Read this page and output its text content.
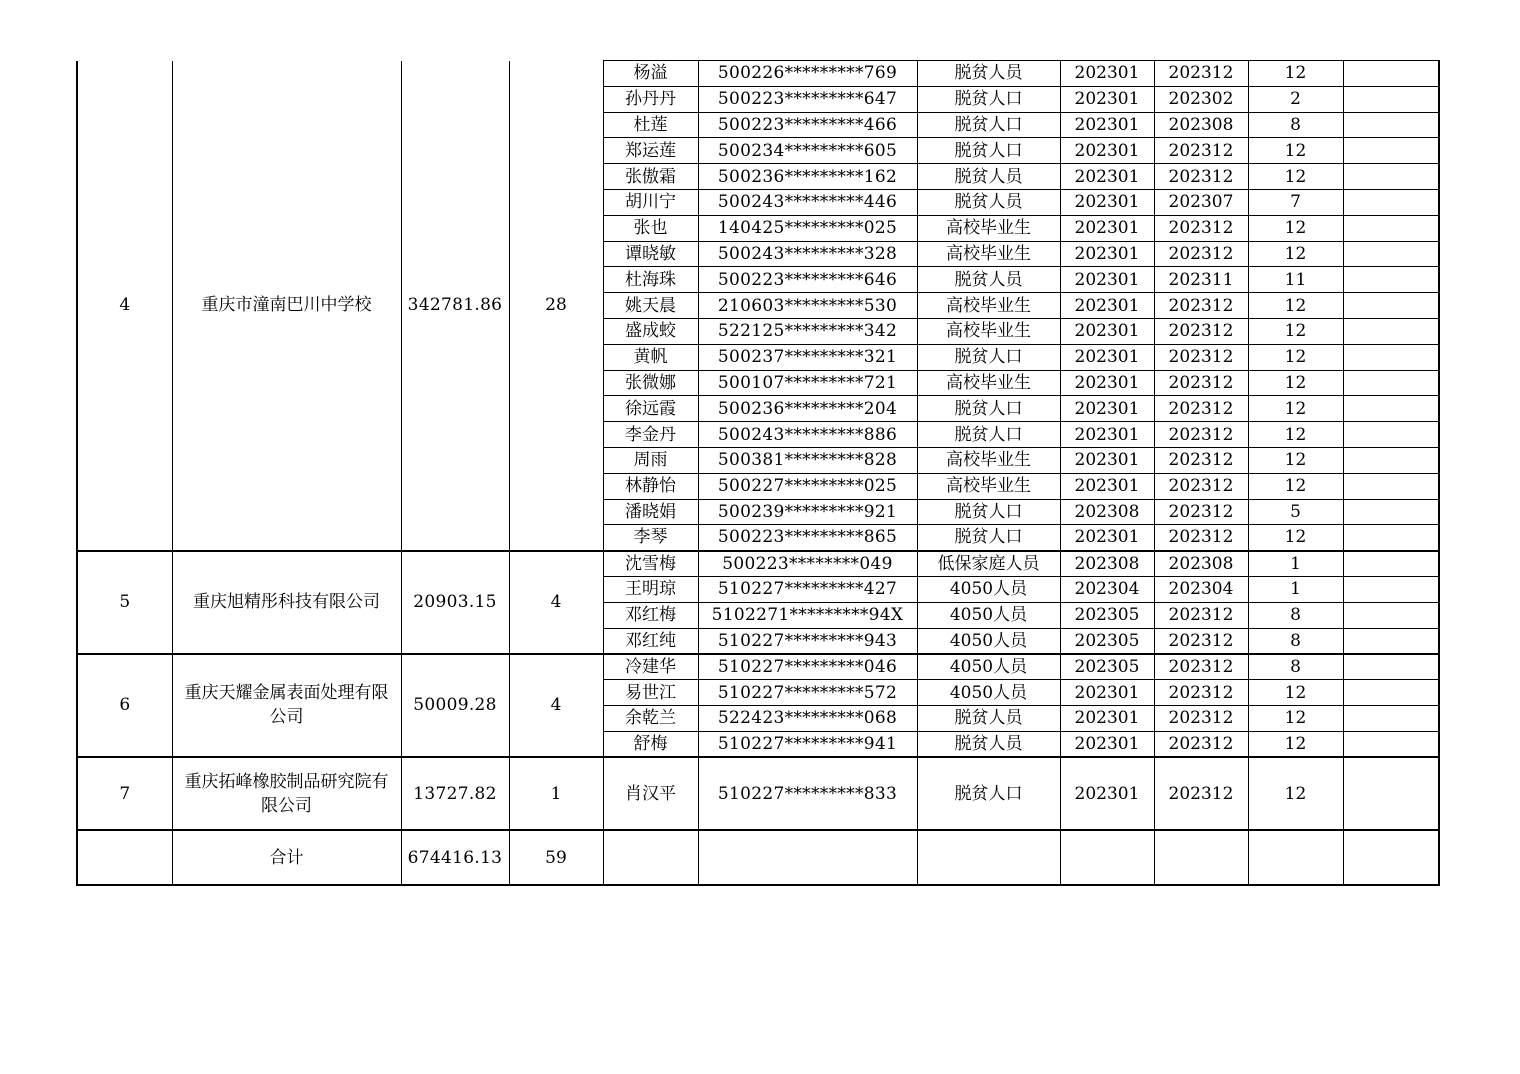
4	重庆市潼南巴川中学校	342781.86	28	杨溢	500226*********769	脱贫人员	202301	202312	12	
				孙丹丹	500223*********647	脱贫人口	202301	202302	2	
				杜莲	500223*********466	脱贫人口	202301	202308	8	
				郑运莲	500234*********605	脱贫人口	202301	202312	12	
				张傲霜	500236*********162	脱贫人员	202301	202312	12	
				胡川宁	500243*********446	脱贫人员	202301	202307	7	
				张也	140425*********025	高校毕业生	202301	202312	12	
				谭晓敏	500243*********328	高校毕业生	202301	202312	12	
				杜海珠	500223*********646	脱贫人员	202301	202311	11	
				姚天晨	210603*********530	高校毕业生	202301	202312	12	
				盛成蛟	522125*********342	高校毕业生	202301	202312	12	
				黄帆	500237*********321	脱贫人口	202301	202312	12	
				张微娜	500107*********721	高校毕业生	202301	202312	12	
				徐远霞	500236*********204	脱贫人口	202301	202312	12	
				李金丹	500243*********886	脱贫人口	202301	202312	12	
				周雨	500381*********828	高校毕业生	202301	202312	12	
				林静怡	500227*********025	高校毕业生	202301	202312	12	
				潘晓娟	500239*********921	脱贫人口	202308	202312	5	
				李琴	500223*********865	脱贫人口	202301	202312	12	
5	重庆旭精彤科技有限公司	20903.15	4	沈雪梅	500223********049	低保家庭人员	202308	202308	1	
				王明琼	510227*********427	4050人员	202304	202304	1	
				邓红梅	5102271*********94X	4050人员	202305	202312	8	
				邓红纯	510227*********943	4050人员	202305	202312	8	
6	重庆天耀金属表面处理有限公司	50009.28	4	冷建华	510227*********046	4050人员	202305	202312	8	
				易世江	510227*********572	4050人员	202301	202312	12	
				余乾兰	522423*********068	脱贫人员	202301	202312	12	
				舒梅	510227*********941	脱贫人员	202301	202312	12	
7	重庆拓峰橡胶制品研究院有限公司	13727.82	1	肖汉平	510227*********833	脱贫人口	202301	202312	12	
	合计	674416.13	59							
